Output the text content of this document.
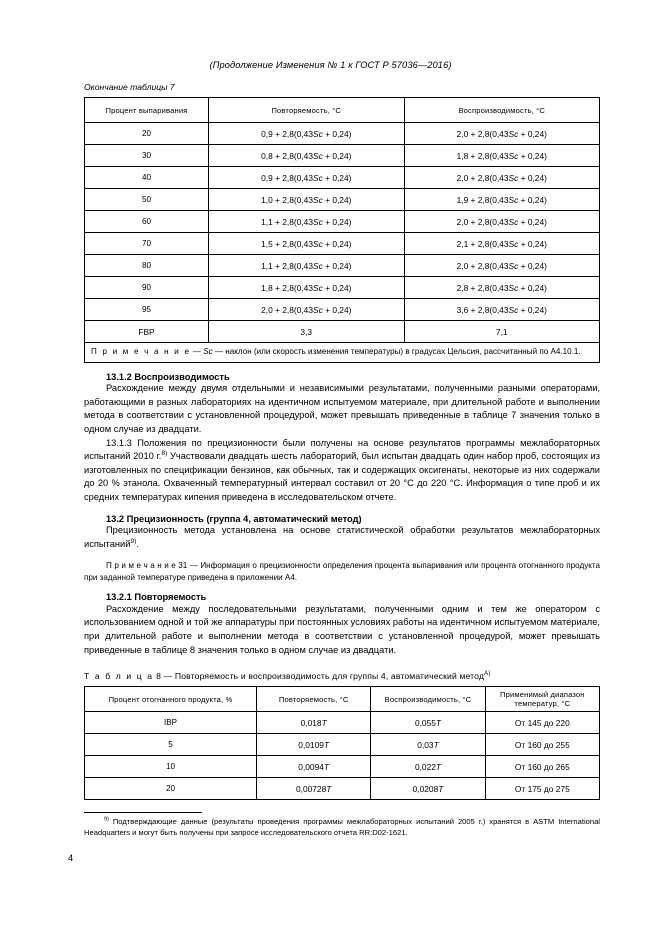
(Продолжение Изменения № 1 к ГОСТ Р 57036—2016)
Окончание таблицы 7
Процент выпаривания	Повторяемость, °C	Воспроизводимость, °C
20	0,9 + 2,8(0,43Sc + 0,24)	2,0 + 2,8(0,43Sc + 0,24)
30	0,8 + 2,8(0,43Sc + 0,24)	1,8 + 2,8(0,43Sc + 0,24)
40	0,9 + 2,8(0,43Sc + 0,24)	2,0 + 2,8(0,43Sc + 0,24)
50	1,0 + 2,8(0,43Sc + 0,24)	1,9 + 2,8(0,43Sc + 0,24)
60	1,1 + 2,8(0,43Sc + 0,24)	2,0 + 2,8(0,43Sc + 0,24)
70	1,5 + 2,8(0,43Sc + 0,24)	2,1 + 2,8(0,43Sc + 0,24)
80	1,1 + 2,8(0,43Sc + 0,24)	2,0 + 2,8(0,43Sc + 0,24)
90	1,8 + 2,8(0,43Sc + 0,24)	2,8 + 2,8(0,43Sc + 0,24)
95	2,0 + 2,8(0,43Sc + 0,24)	3,6 + 2,8(0,43Sc + 0,24)
FBP	3,3	7,1
П р и м е ч а н и е — Sc — наклон (или скорость изменения температуры) в градусах Цельсия, рассчитанный по А4.10.1.		
13.1.2 Воспроизводимость

Расхождение между двумя отдельными и независимыми результатами, полученными разными операторами, работающими в разных лабораториях на идентичном испытуемом материале, при длительной работе и выполнении метода в соответствии с установленной процедурой, может превышать приведенные в таблице 7 значения только в одном случае из двадцати.

13.1.3 Положения по прецизионности были получены на основе результатов программы межлабораторных испытаний 2010 г.$^{8)}$ Участвовали двадцать шесть лабораторий, был испытан двадцать один набор проб, состоящих из изготовленных по спецификации бензинов, как обычных, так и содержащих оксигенаты, некоторые из них содержали до 20 % этанола. Охваченный температурный интервал составил от 20 °C до 220 °C. Информация о типе проб и их средних температурах кипения приведена в исследовательском отчете.

13.2 Прецизионность (группа 4, автоматический метод)

Прецизионность метода установлена на основе статистической обработки результатов межлабораторных испытаний$^{9)}$.

П р и м е ч а н и е 31 — Информация о прецизионности определения процента выпаривания или процента отогнанного продукта при заданной температуре приведена в приложении А4.

13.2.1 Повторяемость

Расхождение между последовательными результатами, полученными одним и тем же оператором с использованием одной и той же аппаратуры при постоянных условиях работы на идентичном испытуемом материале, при длительной работе и выполнении метода в соответствии с установленной процедурой, может превышать приведенные в таблице 8 значения только в одном случае из двадцати.

Т а б л и ц а 8 — Повторяемость и воспроизводимость для группы 4, автоматический метод$^{A)}$
Процент отогнанного продукта, %	Повторяемость, °C	Воспроизводимость, °C	Применимый диапазон температур, °C
IBP	0,018T	0,055T	От 145 до 220
5	0,0109T	0,03T	От 160 до 255
10	0,0094T	0,022T	От 160 до 265
20	0,00728T	0,0208T	От 175 до 275

$^{9)}$ Подтверждающие данные (результаты проведения программы межлабораторных испытаний 2005 г.) хранятся в ASTM International Headquarters и могут быть получены при запросе исследовательского отчета RR:D02-1621.

4
